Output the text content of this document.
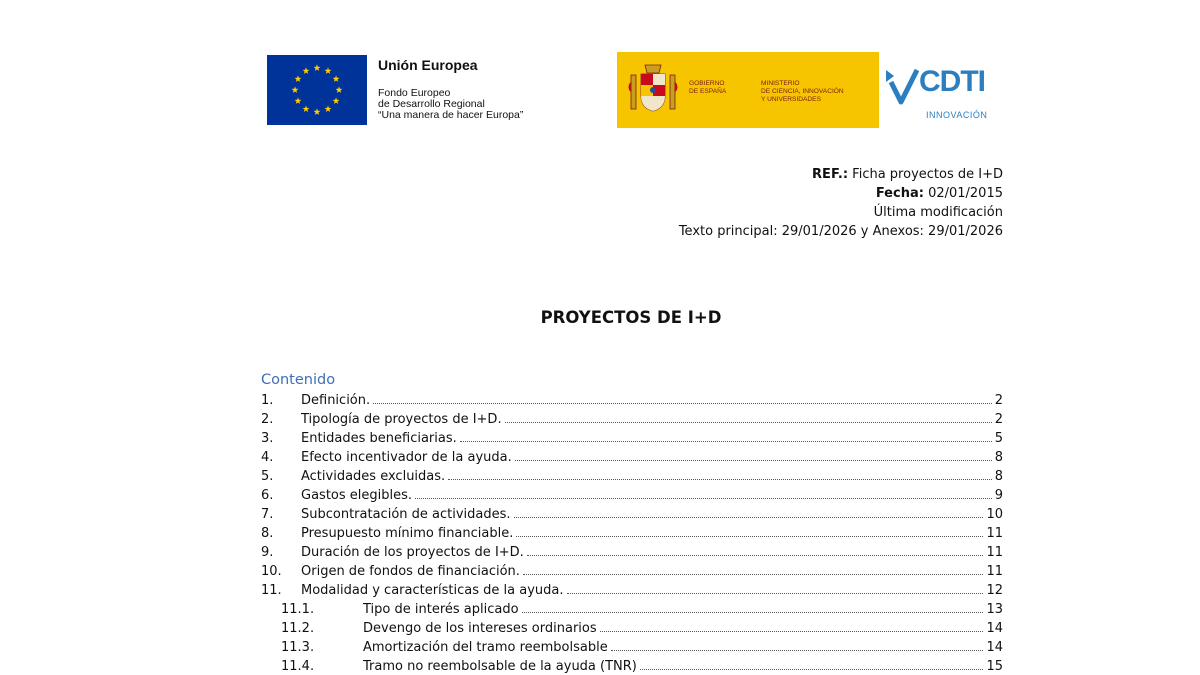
Unión Europea
Fondo Europeo
de Desarrollo Regional
“Una manera de hacer Europa”
GOBIERNO
DE ESPAÑA
MINISTERIO
DE CIENCIA, INNOVACIÓN
Y UNIVERSIDADES
CDTI
INNOVACIÓN
REF.: Ficha proyectos de I+D
Fecha: 02/01/2015
Última modificación
Texto principal: 29/01/2026 y Anexos: 29/01/2026
PROYECTOS DE I+D
Contenido
1.	Definición.	2
2.	Tipología de proyectos de I+D.	2
3.	Entidades beneficiarias.	5
4.	Efecto incentivador de la ayuda.	8
5.	Actividades excluidas.	8
6.	Gastos elegibles.	9
7.	Subcontratación de actividades.	10
8.	Presupuesto mínimo financiable.	11
9.	Duración de los proyectos de I+D.	11
10.	Origen de fondos de financiación.	11
11.	Modalidad y características de la ayuda.	12
11.1.	Tipo de interés aplicado	13
11.2.	Devengo de los intereses ordinarios	14
11.3.	Amortización del tramo reembolsable	14
11.4.	Tramo no reembolsable de la ayuda (TNR)	15
